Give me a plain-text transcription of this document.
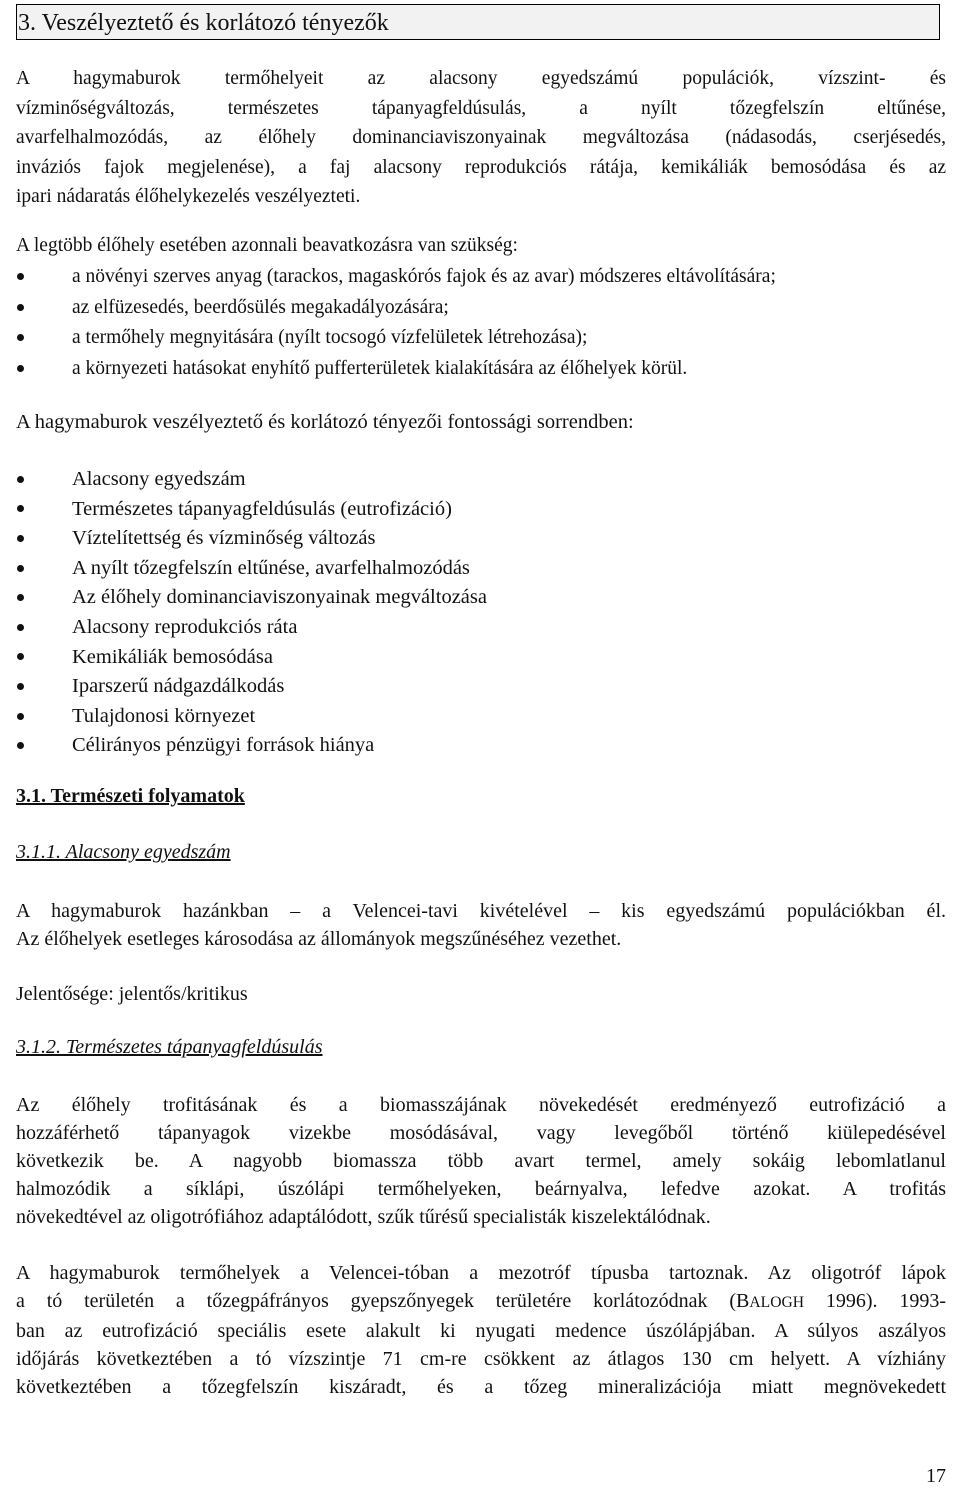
3. Veszélyeztető és korlátozó tényezők
A hagymaburok termőhelyeit az alacsony egyedszámú populációk, vízszint- és
vízminőségváltozás, természetes tápanyagfeldúsulás, a nyílt tőzegfelszín eltűnése,
avarfelhalmozódás, az élőhely dominanciaviszonyainak megváltozása (nádasodás, cserjésedés,
inváziós fajok megjelenése), a faj alacsony reprodukciós rátája, kemikáliák bemosódása és az
ipari nádaratás élőhelykezelés veszélyezteti.
A legtöbb élőhely esetében azonnali beavatkozásra van szükség:
a növényi szerves anyag (tarackos, magaskórós fajok és az avar) módszeres eltávolítására;
az elfüzesedés, beerdősülés megakadályozására;
a termőhely megnyitására (nyílt tocsogó vízfelületek létrehozása);
a környezeti hatásokat enyhítő pufferterületek kialakítására az élőhelyek körül.
A hagymaburok veszélyeztető és korlátozó tényezői fontossági sorrendben:
Alacsony egyedszám
Természetes tápanyagfeldúsulás (eutrofizáció)
Víztelítettség és vízminőség változás
A nyílt tőzegfelszín eltűnése, avarfelhalmozódás
Az élőhely dominanciaviszonyainak megváltozása
Alacsony reprodukciós ráta
Kemikáliák bemosódása
Iparszerű nádgazdálkodás
Tulajdonosi környezet
Célirányos pénzügyi források hiánya
3.1. Természeti folyamatok
3.1.1. Alacsony egyedszám
A hagymaburok hazánkban – a Velencei-tavi kivételével – kis egyedszámú populációkban él.
Az élőhelyek esetleges károsodása az állományok megszűnéséhez vezethet.
Jelentősége: jelentős/kritikus
3.1.2. Természetes tápanyagfeldúsulás
Az élőhely trofitásának és a biomasszájának növekedését eredményező eutrofizáció a
hozzáférhető tápanyagok vizekbe mosódásával, vagy levegőből történő kiülepedésével
következik be. A nagyobb biomassza több avart termel, amely sokáig lebomlatlanul
halmozódik a síklápi, úszólápi termőhelyeken, beárnyalva, lefedve azokat. A trofitás
növekedtével az oligotrófiához adaptálódott, szűk tűrésű specialisták kiszelektálódnak.
A hagymaburok termőhelyek a Velencei-tóban a mezotróf típusba tartoznak. Az oligotróf lápok
a tó területén a tőzegpáfrányos gyepszőnyegek területére korlátozódnak (BALOGH 1996). 1993-
ban az eutrofizáció speciális esete alakult ki nyugati medence úszólápjában. A súlyos aszályos
időjárás következtében a tó vízszintje 71 cm-re csökkent az átlagos 130 cm helyett. A vízhiány
következtében a tőzegfelszín kiszáradt, és a tőzeg mineralizációja miatt megnövekedett
17
